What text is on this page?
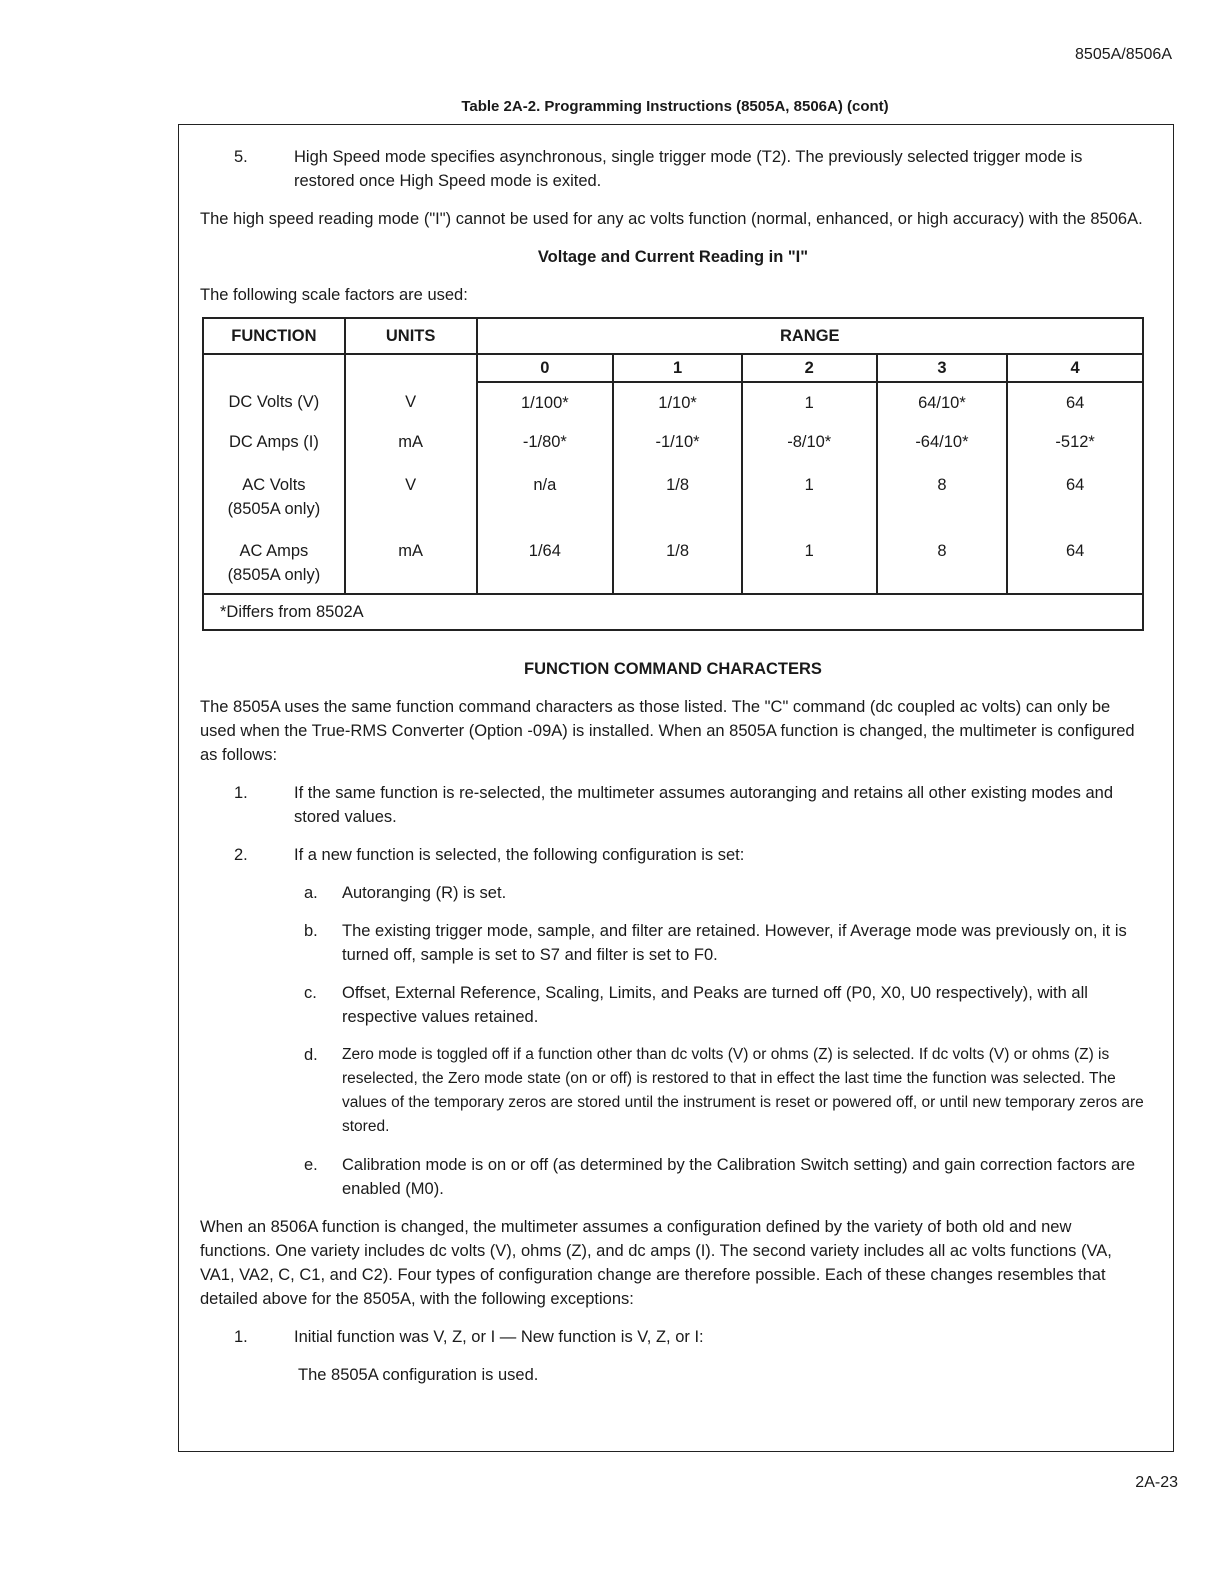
8505A/8506A
Table 2A-2. Programming Instructions (8505A, 8506A) (cont)
5.	High Speed mode specifies asynchronous, single trigger mode (T2). The previously selected trigger mode is restored once High Speed mode is exited.

The high speed reading mode ("I") cannot be used for any ac volts function (normal, enhanced, or high accuracy) with the 8506A.

Voltage and Current Reading in "I"

The following scale factors are used:

FUNCTION	UNITS	RANGE				
		0	1	2	3	4
DC Volts (V)	V	1/100*	1/10*	1	64/10*	64
DC Amps (I)	mA	-1/80*	-1/10*	-8/10*	-64/10*	-512*

AC Volts
(8505A only)	V	n/a	1/8	1	8	64

AC Amps
(8505A only)	mA	1/64	1/8	1	8	64
*Differs from 8502A						

FUNCTION COMMAND CHARACTERS

The 8505A uses the same function command characters as those listed. The "C" command (dc coupled ac volts) can only be used when the True-RMS Converter (Option -09A) is installed. When an 8505A function is changed, the multimeter is configured as follows:

1.	If the same function is re-selected, the multimeter assumes autoranging and retains all other existing modes and stored values.
2.	If a new function is selected, the following configuration is set:
a.	Autoranging (R) is set.
b.	The existing trigger mode, sample, and filter are retained. However, if Average mode was previously on, it is turned off, sample is set to S7 and filter is set to F0.
c.	Offset, External Reference, Scaling, Limits, and Peaks are turned off (P0, X0, U0 respectively), with all respective values retained.
d.	Zero mode is toggled off if a function other than dc volts (V) or ohms (Z) is selected. If dc volts (V) or ohms (Z) is reselected, the Zero mode state (on or off) is restored to that in effect the last time the function was selected. The values of the temporary zeros are stored until the instrument is reset or powered off, or until new temporary zeros are stored.
e.	Calibration mode is on or off (as determined by the Calibration Switch setting) and gain correction factors are enabled (M0).

When an 8506A function is changed, the multimeter assumes a configuration defined by the variety of both old and new functions. One variety includes dc volts (V), ohms (Z), and dc amps (I). The second variety includes all ac volts functions (VA, VA1, VA2, C, C1, and C2). Four types of configuration change are therefore possible. Each of these changes resembles that detailed above for the 8505A, with the following exceptions:

1.	Initial function was V, Z, or I — New function is V, Z, or I:

The 8505A configuration is used.

2A-23
